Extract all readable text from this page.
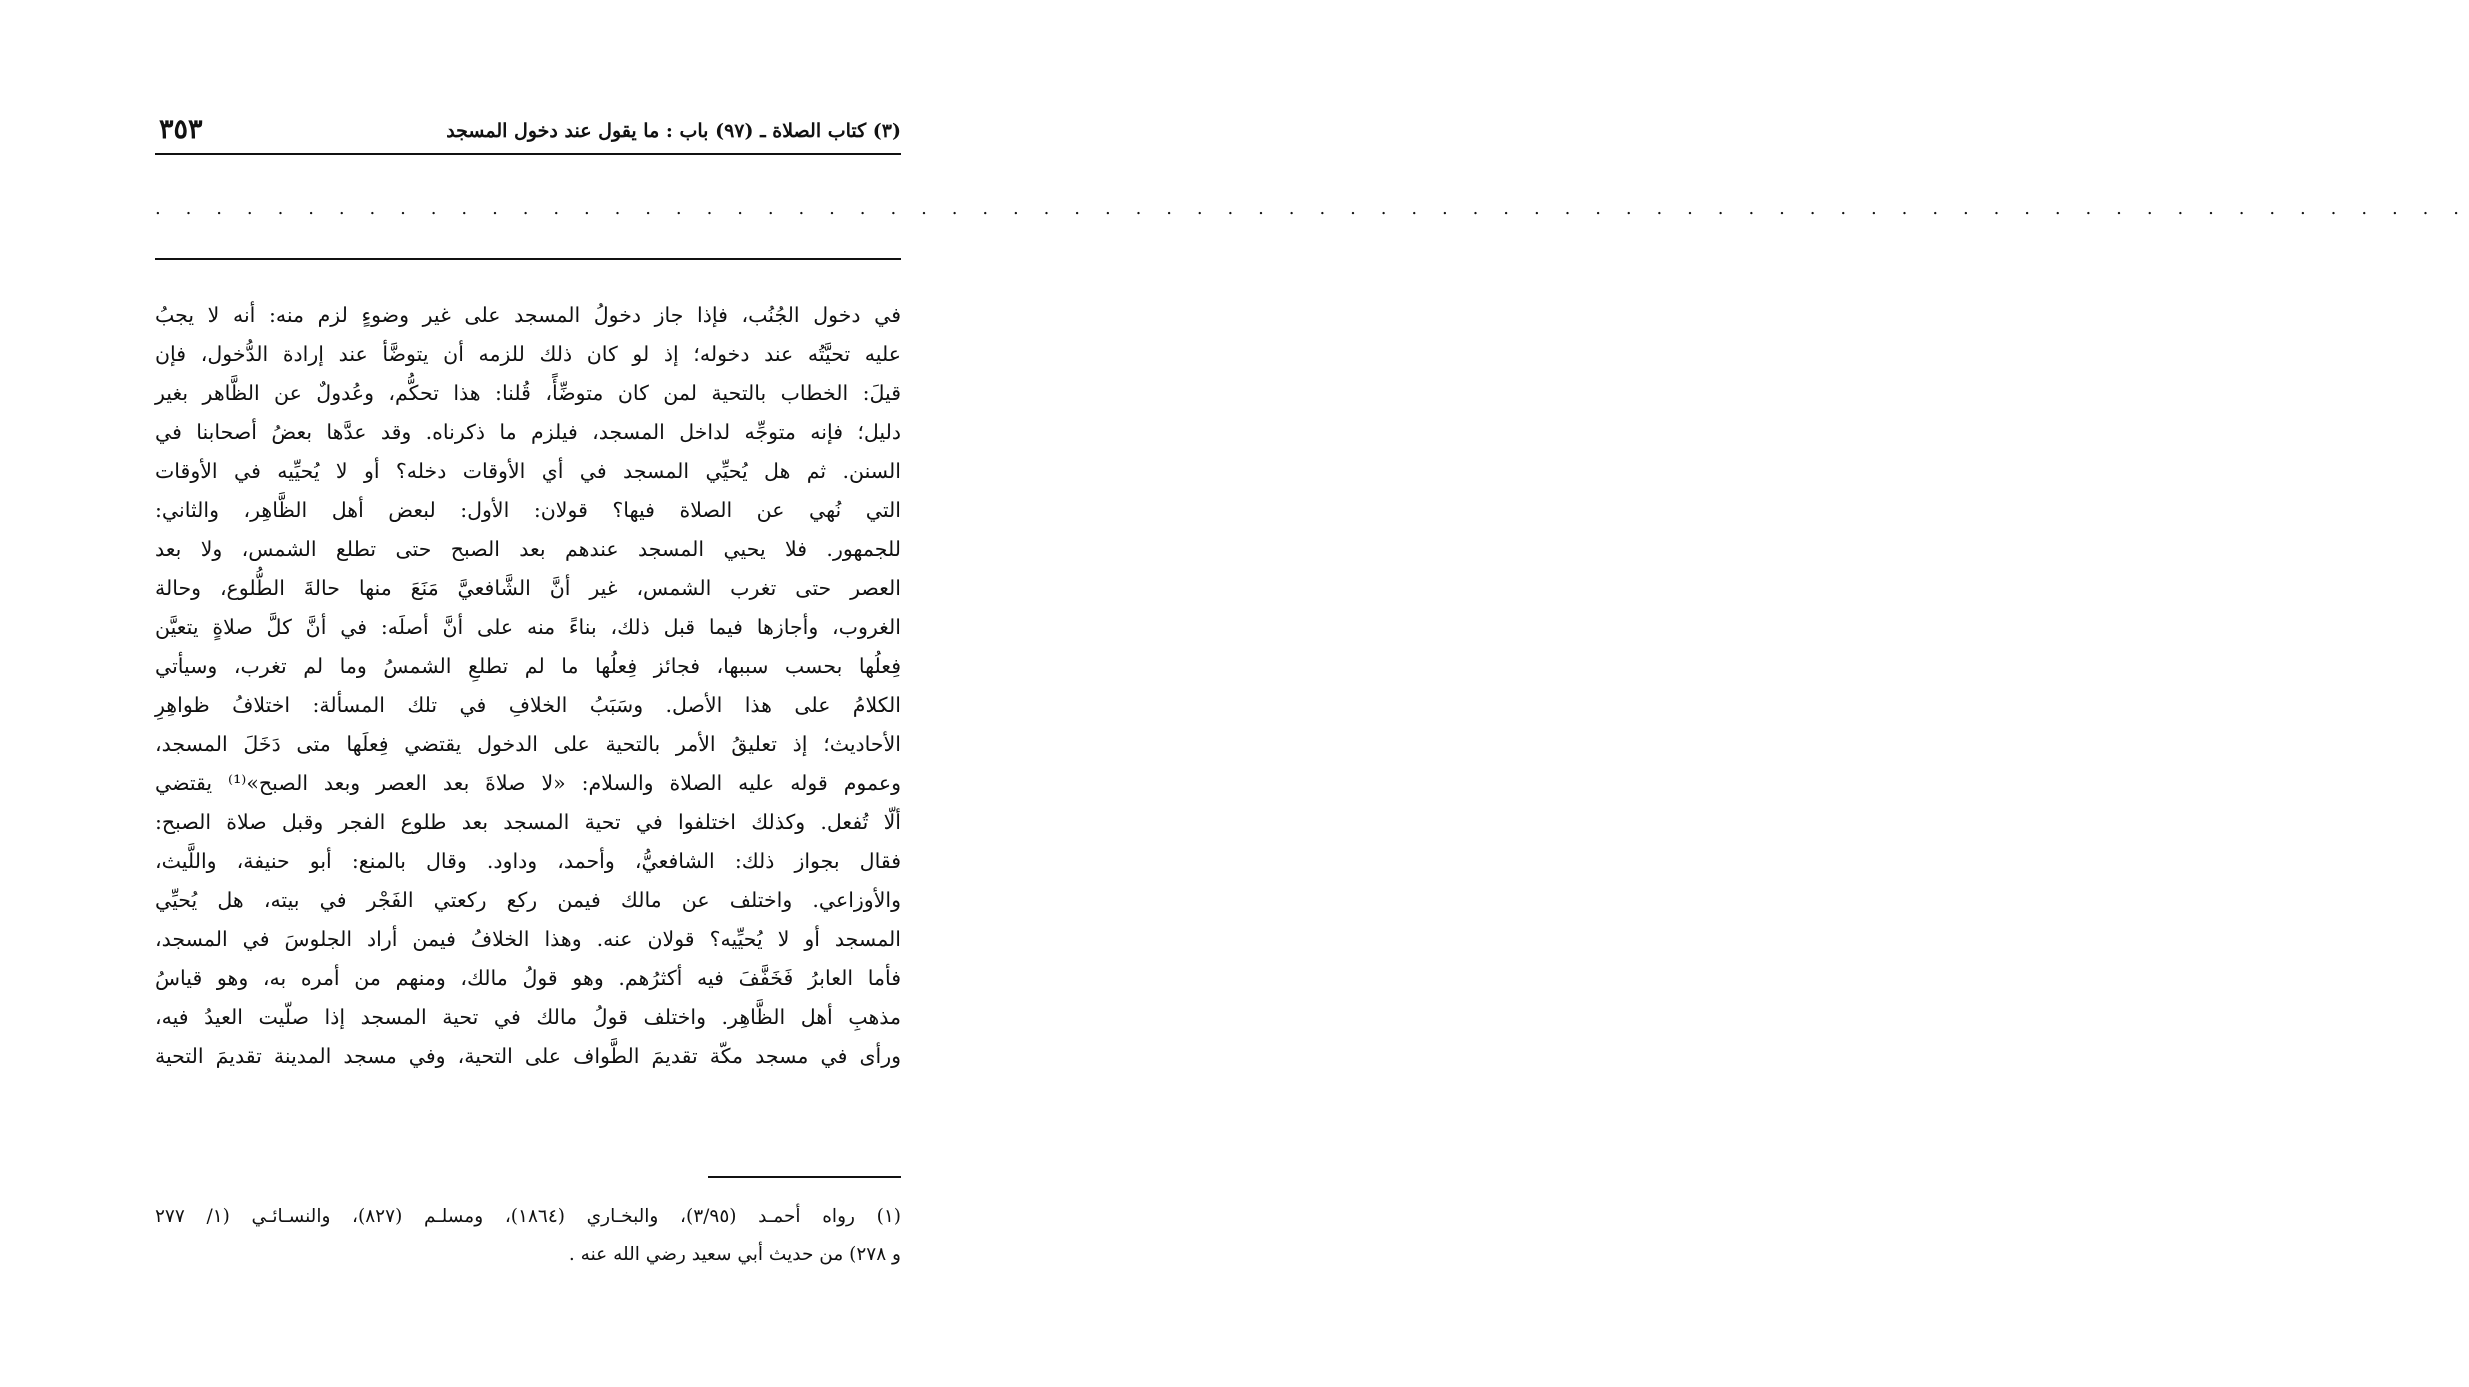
(٣) كتاب الصلاة ـ (٩٧) باب : ما يقول عند دخول المسجد
٣٥٣
. . . . . . . . . . . . . . . . . . . . . . . . . . . . . . . . . . . . . . . . . . . . . . . . . . . . . . . . . . . . . . . . . . . . . . . . . . . .
في دخول الجُنُب، فإذا جاز دخولُ المسجد على غير وضوءٍ لزم منه: أنه لا يجبُ
عليه تحيَّتُه عند دخوله؛ إذ لو كان ذلك للزمه أن يتوضَّأ عند إرادة الدُّخول، فإن
قيلَ: الخطاب بالتحية لمن كان متوضِّأً، قُلنا: هذا تحكُّم، وعُدولٌ عن الظَّاهر بغير
دليل؛ فإنه متوجِّه لداخل المسجد، فيلزم ما ذكرناه. وقد عدَّها بعضُ أصحابنا في
السنن. ثم هل يُحيِّي المسجد في أي الأوقات دخله؟ أو لا يُحيِّيه في الأوقات
التي نُهي عن الصلاة فيها؟ قولان: الأول: لبعض أهل الظَّاهِر، والثاني:
للجمهور. فلا يحيي المسجد عندهم بعد الصبح حتى تطلع الشمس، ولا بعد
العصر حتى تغرب الشمس، غير أنَّ الشَّافعيَّ مَنَعَ منها حالةَ الطُّلوع، وحالة
الغروب، وأجازها فيما قبل ذلك، بناءً منه على أنَّ أصلَه: في أنَّ كلَّ صلاةٍ يتعيَّن
فِعلُها بحسب سببها، فجائز فِعلُها ما لم تطلعِ الشمسُ وما لم تغرب، وسيأتي
الكلامُ على هذا الأصل. وسَبَبُ الخلافِ في تلك المسألة: اختلافُ ظواهِرِ
الأحاديث؛ إذ تعليقُ الأمر بالتحية على الدخول يقتضي فِعلَها متى دَخَلَ المسجد،
وعموم قوله عليه الصلاة والسلام: «لا صلاةَ بعد العصر وبعد الصبح»⁽¹⁾ يقتضي
ألّا تُفعل. وكذلك اختلفوا في تحية المسجد بعد طلوع الفجر وقبل صلاة الصبح:
فقال بجواز ذلك: الشافعيُّ، وأحمد، وداود. وقال بالمنع: أبو حنيفة، واللَّيث،
والأوزاعي. واختلف عن مالك فيمن ركع ركعتي الفَجْر في بيته، هل يُحيِّي
المسجد أو لا يُحيِّيه؟ قولان عنه. وهذا الخلافُ فيمن أراد الجلوسَ في المسجد،
فأما العابرُ فَخَفَّفَ فيه أكثرُهم. وهو قولُ مالك، ومنهم من أمره به، وهو قياسُ
مذهبِ أهل الظَّاهِر. واختلف قولُ مالك في تحية المسجد إذا صلّيت العيدُ فيه،
ورأى في مسجد مكّة تقديمَ الطَّواف على التحية، وفي مسجد المدينة تقديمَ التحية
(١) رواه أحمـد (٣/٩٥)، والبخـاري (١٨٦٤)، ومسلـم (٨٢٧)، والنسـائـي (١/ ٢٧٧
و ٢٧٨) من حديث أبي سعيد رضي الله عنه .
